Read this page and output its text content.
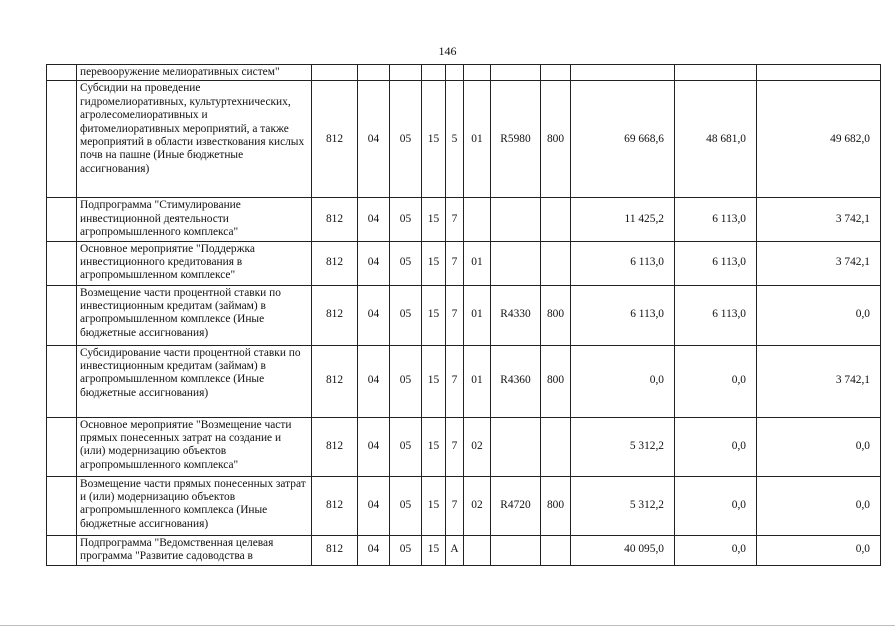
146
	перевооружение мелиоративных систем"											
	Субсидии на проведение гидромелиоративных, культуртехнических, агролесомелиоративных и фитомелиоративных мероприятий, а также мероприятий в области известкования кислых почв на пашне (Иные бюджетные ассигнования)	812	04	05	15	5	01	R5980	800	69 668,6	48 681,0	49 682,0
	Подпрограмма "Стимулирование инвестиционной деятельности агропромышленного комплекса"	812	04	05	15	7				11 425,2	6 113,0	3 742,1
	Основное мероприятие "Поддержка инвестиционного кредитования в агропромышленном комплексе"	812	04	05	15	7	01			6 113,0	6 113,0	3 742,1
	Возмещение части процентной ставки по инвестиционным кредитам (займам) в агропромышленном комплексе (Иные бюджетные ассигнования)	812	04	05	15	7	01	R4330	800	6 113,0	6 113,0	0,0
	Субсидирование части процентной ставки по инвестиционным кредитам (займам) в агропромышленном комплексе (Иные бюджетные ассигнования)	812	04	05	15	7	01	R4360	800	0,0	0,0	3 742,1
	Основное мероприятие "Возмещение части прямых понесенных затрат на создание и (или) модернизацию объектов агропромышленного комплекса"	812	04	05	15	7	02			5 312,2	0,0	0,0
	Возмещение части прямых понесенных затрат и (или) модернизацию объектов агропромышленного комплекса (Иные бюджетные ассигнования)	812	04	05	15	7	02	R4720	800	5 312,2	0,0	0,0
	Подпрограмма "Ведомственная целевая программа "Развитие садоводства в	812	04	05	15	А				40 095,0	0,0	0,0
